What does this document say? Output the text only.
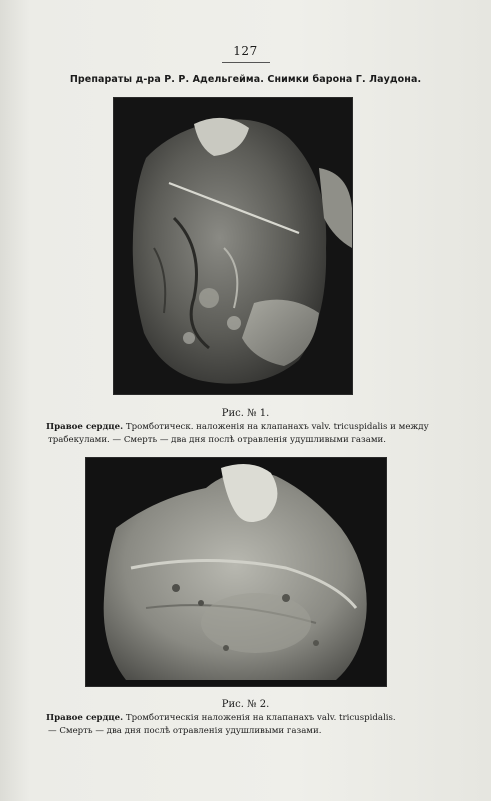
127
Препараты д-ра Р. Р. Адельгейма. Снимки барона Г. Лаудона.
Рис. № 1.
Правое сердце. Тромботическ. наложенія на клапанахъ valv. tricuspidalis и между
трабекулами. — Смерть — два дня послѣ отравленія удушливыми газами.
Рис. № 2.
Правое сердце. Тромботическія наложенія на клапанахъ valv. tricuspidalis.
— Смерть — два дня послѣ отравленія удушливыми газами.
